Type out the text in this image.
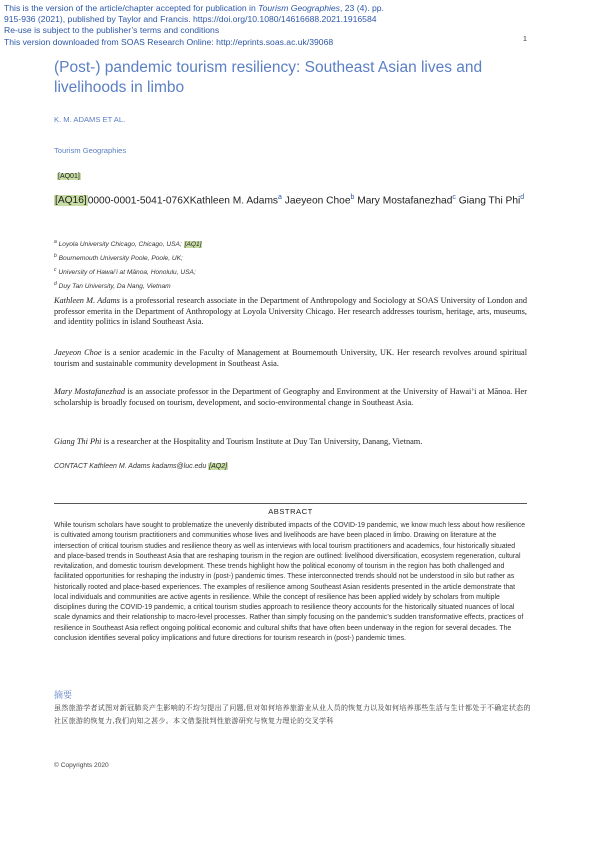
This is the version of the article/chapter accepted for publication in Tourism Geographies, 23 (4). pp.
915-936 (2021), published by Taylor and Francis. https://doi.org/10.1080/14616688.2021.1916584
Re-use is subject to the publisher’s terms and conditions
This version downloaded from SOAS Research Online: http://eprints.soas.ac.uk/39068	1
(Post-) pandemic tourism resiliency: Southeast Asian lives and livelihoods in limbo
K. M. ADAMS ET AL.
Tourism Geographies
[AQ01]
[AQ16]0000-0001-5041-076XKathleen M. Adams$^a$ Jaeyeon Choe$^b$ Mary Mostafanezhad$^c$ Giang Thi Phi$^d$
$^a$ Loyola University Chicago, Chicago, USA; [AQ1]
$^b$ Bournemouth University Poole, Poole, UK;
$^c$ University of Hawai’i at Mānoa, Honolulu, USA;
$^d$ Duy Tan University, Da Nang, Vietnam
Kathleen M. Adams is a professorial research associate in the Department of Anthropology and Sociology at SOAS University of London and professor emerita in the Department of Anthropology at Loyola University Chicago. Her research addresses tourism, heritage, arts, museums, and identity politics in island Southeast Asia.
Jaeyeon Choe is a senior academic in the Faculty of Management at Bournemouth University, UK. Her research revolves around spiritual tourism and sustainable community development in Southeast Asia.
Mary Mostafanezhad is an associate professor in the Department of Geography and Environment at the University of Hawai’i at Mānoa. Her scholarship is broadly focused on tourism, development, and socio-environmental change in Southeast Asia.
Giang Thi Phi is a researcher at the Hospitality and Tourism Institute at Duy Tan University, Danang, Vietnam.
CONTACT Kathleen M. Adams kadams@luc.edu [AQ2]
ABSTRACT
While tourism scholars have sought to problematize the unevenly distributed impacts of the COVID-19 pandemic, we know much less about how resilience is cultivated among tourism practitioners and communities whose lives and livelihoods are have been placed in limbo. Drawing on literature at the intersection of critical tourism studies and resilience theory as well as interviews with local tourism practitioners and academics, four historically situated and place-based trends in Southeast Asia that are reshaping tourism in the region are outlined: livelihood diversification, ecosystem regeneration, cultural revitalization, and domestic tourism development. These trends highlight how the political economy of tourism in the region has both challenged and facilitated opportunities for reshaping the industry in (post-) pandemic times. These interconnected trends should not be understood in silo but rather as historically rooted and place-based experiences. The examples of resilience among Southeast Asian residents presented in the article demonstrate that local individuals and communities are active agents in resilience. While the concept of resilience has been applied widely by scholars from multiple disciplines during the COVID-19 pandemic, a critical tourism studies approach to resilience theory accounts for the historically situated nuances of local scale dynamics and their relationship to macro-level processes. Rather than simply focusing on the pandemic’s sudden transformative effects, practices of resilience in Southeast Asia reflect ongoing political economic and cultural shifts that have often been underway in the region for several decades. The conclusion identifies several policy implications and future directions for tourism research in (post-) pandemic times.
摘要
虽然旅游学者试图对新冠肺炎产生影响的不均匀提出了问题,但对如何培养旅游业从业人员的恢复力以及如何培养那些生活与生计都处于不确定状态的社区旅游的恢复力,我们向知之甚少。本文借鉴批判性旅游研究与恢复力理论的交叉学科
© Copyrights 2020
